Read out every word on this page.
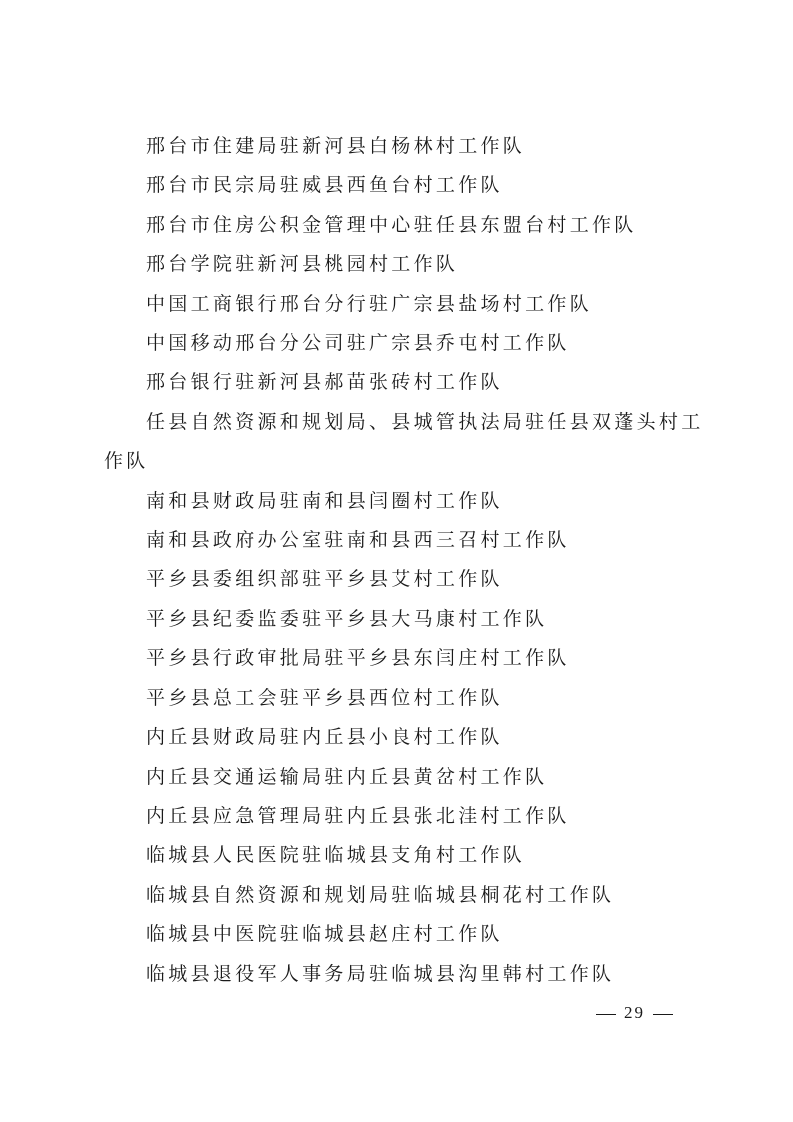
邢台市住建局驻新河县白杨林村工作队
邢台市民宗局驻威县西鱼台村工作队
邢台市住房公积金管理中心驻任县东盟台村工作队
邢台学院驻新河县桃园村工作队
中国工商银行邢台分行驻广宗县盐场村工作队
中国移动邢台分公司驻广宗县乔屯村工作队
邢台银行驻新河县郝苗张砖村工作队
任县自然资源和规划局、县城管执法局驻任县双蓬头村工作队
南和县财政局驻南和县闫圈村工作队
南和县政府办公室驻南和县西三召村工作队
平乡县委组织部驻平乡县艾村工作队
平乡县纪委监委驻平乡县大马康村工作队
平乡县行政审批局驻平乡县东闫庄村工作队
平乡县总工会驻平乡县西位村工作队
内丘县财政局驻内丘县小良村工作队
内丘县交通运输局驻内丘县黄岔村工作队
内丘县应急管理局驻内丘县张北洼村工作队
临城县人民医院驻临城县支角村工作队
临城县自然资源和规划局驻临城县桐花村工作队
临城县中医院驻临城县赵庄村工作队
临城县退役军人事务局驻临城县沟里韩村工作队
29
